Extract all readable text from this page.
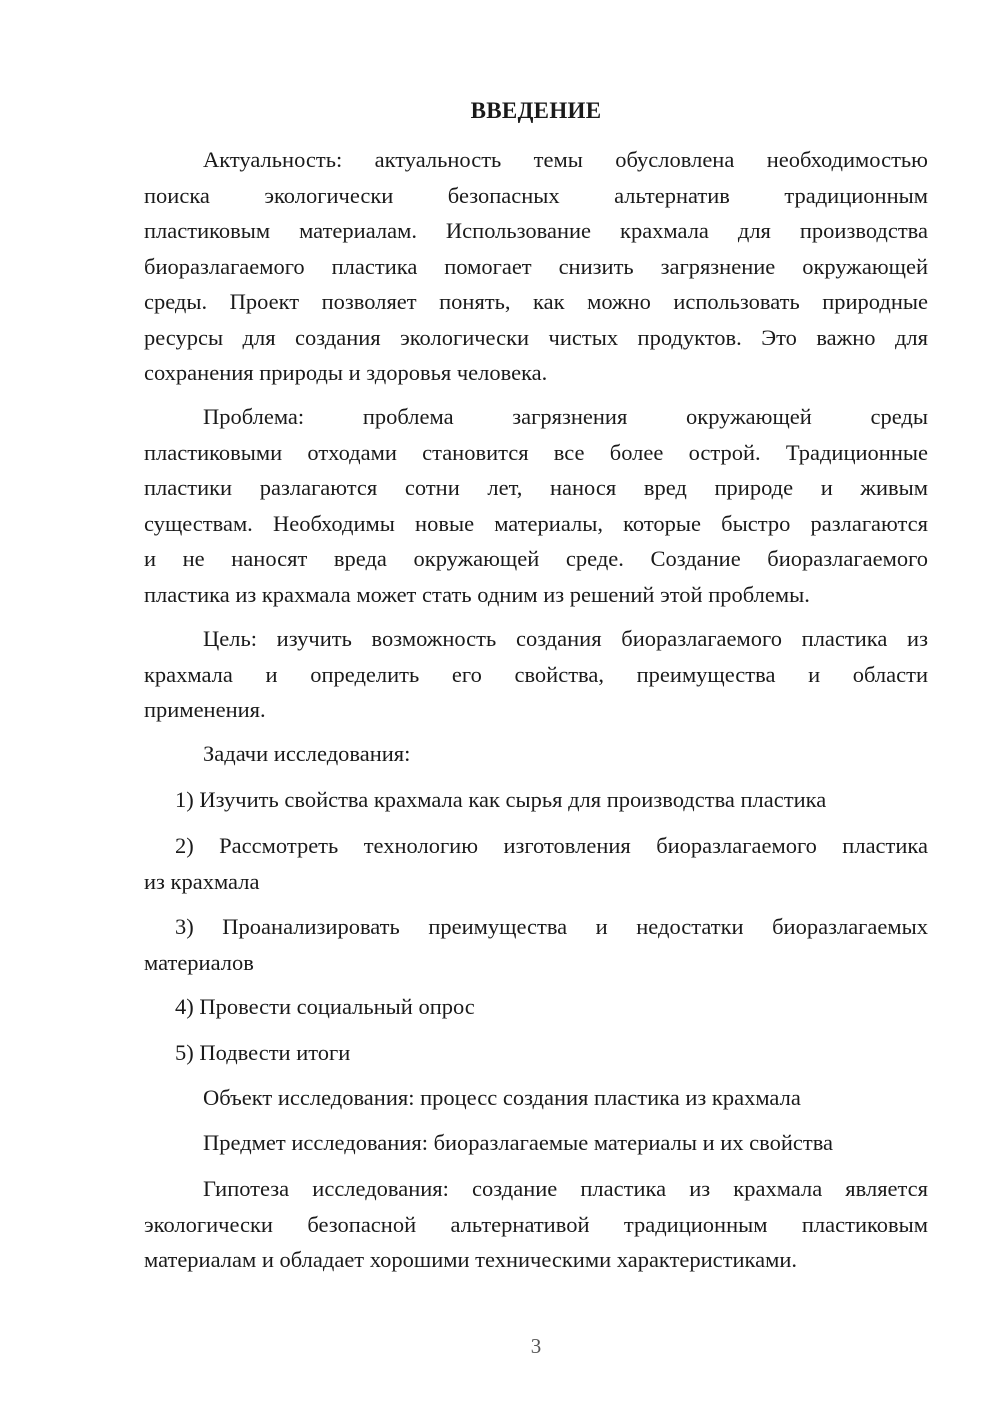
ВВЕДЕНИЕ
Актуальность: актуальность темы обусловлена необходимостью
поиска экологически безопасных альтернатив традиционным
пластиковым материалам. Использование крахмала для производства
биоразлагаемого пластика помогает снизить загрязнение окружающей
среды. Проект позволяет понять, как можно использовать природные
ресурсы для создания экологически чистых продуктов. Это важно для
сохранения природы и здоровья человека.
Проблема: проблема загрязнения окружающей среды
пластиковыми отходами становится все более острой. Традиционные
пластики разлагаются сотни лет, нанося вред природе и живым
существам. Необходимы новые материалы, которые быстро разлагаются
и не наносят вреда окружающей среде. Создание биоразлагаемого
пластика из крахмала может стать одним из решений этой проблемы.
Цель: изучить возможность создания биоразлагаемого пластика из
крахмала и определить его свойства, преимущества и области
применения.
Задачи исследования:
1) Изучить свойства крахмала как сырья для производства пластика
2) Рассмотреть технологию изготовления биоразлагаемого пластика
из крахмала
3) Проанализировать преимущества и недостатки биоразлагаемых
материалов
4) Провести социальный опрос
5) Подвести итоги
Объект исследования: процесс создания пластика из крахмала
Предмет исследования: биоразлагаемые материалы и их свойства
Гипотеза исследования: создание пластика из крахмала является
экологически безопасной альтернативой традиционным пластиковым
материалам и обладает хорошими техническими характеристиками.
3
